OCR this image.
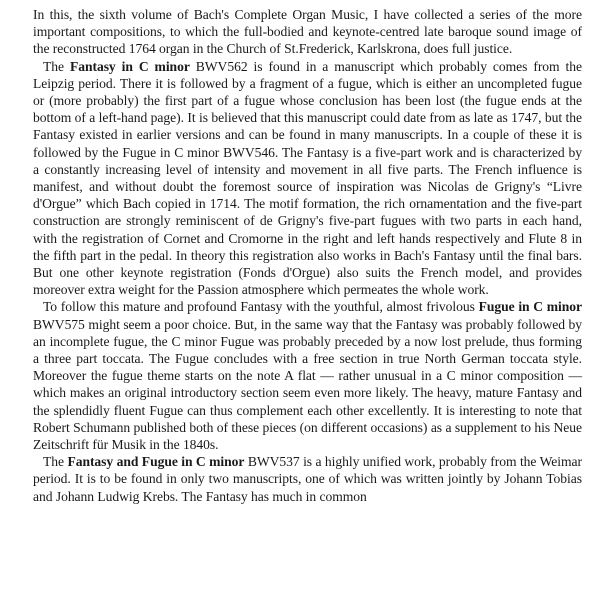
In this, the sixth volume of Bach's Complete Organ Music, I have collected a series of the more important compositions, to which the full-bodied and keynote-centred late baroque sound image of the reconstructed 1764 organ in the Church of St.Frederick, Karlskrona, does full justice.

The Fantasy in C minor BWV562 is found in a manuscript which probably comes from the Leipzig period. There it is followed by a fragment of a fugue, which is either an uncompleted fugue or (more probably) the first part of a fugue whose conclusion has been lost (the fugue ends at the bottom of a left-hand page). It is believed that this manuscript could date from as late as 1747, but the Fantasy existed in earlier versions and can be found in many manuscripts. In a couple of these it is followed by the Fugue in C minor BWV546. The Fantasy is a five-part work and is characterized by a constantly increasing level of intensity and movement in all five parts. The French influence is manifest, and without doubt the foremost source of inspiration was Nicolas de Grigny's “Livre d'Orgue” which Bach copied in 1714. The motif formation, the rich ornamentation and the five-part construction are strongly reminiscent of de Grigny's five-part fugues with two parts in each hand, with the registration of Cornet and Cromorne in the right and left hands respectively and Flute 8 in the fifth part in the pedal. In theory this registration also works in Bach's Fantasy until the final bars. But one other keynote registration (Fonds d'Orgue) also suits the French model, and provides moreover extra weight for the Passion atmosphere which permeates the whole work.

To follow this mature and profound Fantasy with the youthful, almost frivolous Fugue in C minor BWV575 might seem a poor choice. But, in the same way that the Fantasy was probably followed by an incomplete fugue, the C minor Fugue was probably preceded by a now lost prelude, thus forming a three part toccata. The Fugue concludes with a free section in true North German toccata style. Moreover the fugue theme starts on the note A flat — rather unusual in a C minor composition — which makes an original introductory section seem even more likely. The heavy, mature Fantasy and the splendidly fluent Fugue can thus complement each other excellently. It is interesting to note that Robert Schumann published both of these pieces (on different occasions) as a supplement to his Neue Zeitschrift für Musik in the 1840s.

The Fantasy and Fugue in C minor BWV537 is a highly unified work, probably from the Weimar period. It is to be found in only two manuscripts, one of which was written jointly by Johann Tobias and Johann Ludwig Krebs. The Fantasy has much in common
